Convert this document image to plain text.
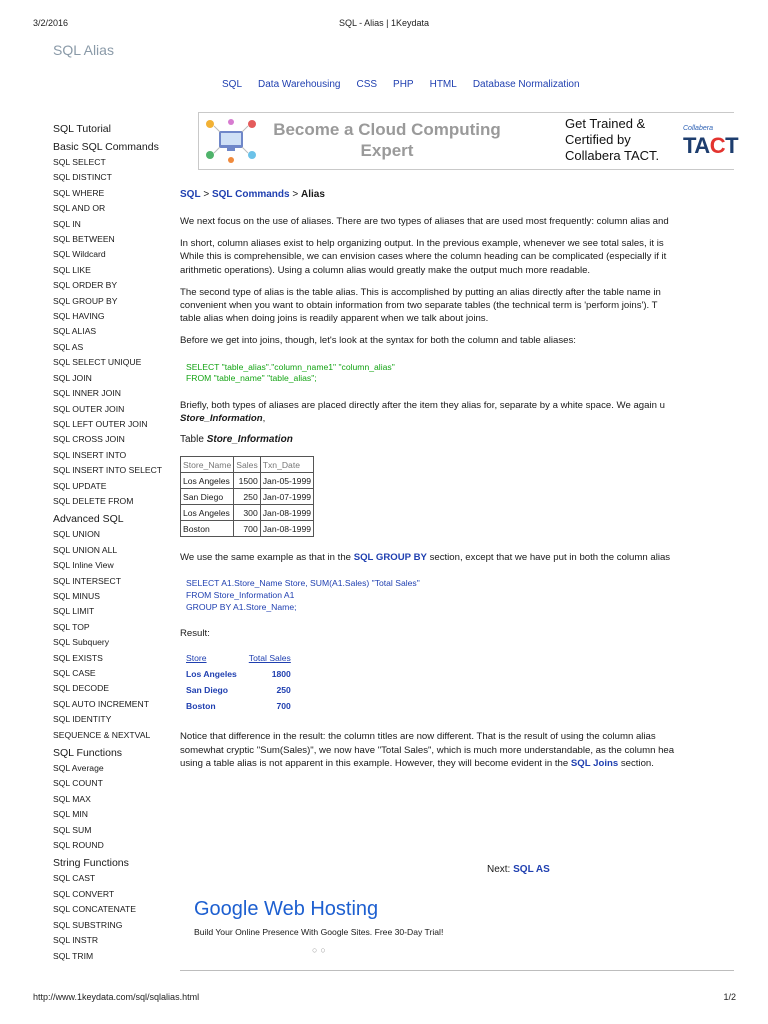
3/2/2016	SQL - Alias | 1Keydata
http://www.1keydata.com/sql/sqlalias.html	1/2
SQL Alias
SQL Data Warehousing CSS PHP HTML Database Normalization
SQL Tutorial
Basic SQL Commands
SQL SELECT
SQL DISTINCT
SQL WHERE
SQL AND OR
SQL IN
SQL BETWEEN
SQL Wildcard
SQL LIKE
SQL ORDER BY
SQL GROUP BY
SQL HAVING
SQL ALIAS
SQL AS
SQL SELECT UNIQUE
SQL JOIN
SQL INNER JOIN
SQL OUTER JOIN
SQL LEFT OUTER JOIN
SQL CROSS JOIN
SQL INSERT INTO
SQL INSERT INTO SELECT
SQL UPDATE
SQL DELETE FROM
Advanced SQL
SQL UNION
SQL UNION ALL
SQL Inline View
SQL INTERSECT
SQL MINUS
SQL LIMIT
SQL TOP
SQL Subquery
SQL EXISTS
SQL CASE
SQL DECODE
SQL AUTO INCREMENT
SQL IDENTITY
SEQUENCE & NEXTVAL
SQL Functions
SQL Average
SQL COUNT
SQL MAX
SQL MIN
SQL SUM
SQL ROUND
String Functions
SQL CAST
SQL CONVERT
SQL CONCATENATE
SQL SUBSTRING
SQL INSTR
SQL TRIM
Become a Cloud Computing Expert
Get Trained & Certified by Collabera TACT.
Collabera
TACT
SQL > SQL Commands > Alias
We next focus on the use of aliases. There are two types of aliases that are used most frequently: column alias and
In short, column aliases exist to help organizing output. In the previous example, whenever we see total sales, it is
While this is comprehensible, we can envision cases where the column heading can be complicated (especially if it
arithmetic operations). Using a column alias would greatly make the output much more readable.
The second type of alias is the table alias. This is accomplished by putting an alias directly after the table name in
convenient when you want to obtain information from two separate tables (the technical term is 'perform joins'). T
table alias when doing joins is readily apparent when we talk about joins.
Before we get into joins, though, let's look at the syntax for both the column and table aliases:
SELECT "table_alias"."column_name1" "column_alias"
FROM "table_name" "table_alias";
Briefly, both types of aliases are placed directly after the item they alias for, separate by a white space. We again u
Store_Information,
Table Store_Information
Store_Name	Sales	Txn_Date
Los Angeles	1500	Jan-05-1999
San Diego	250	Jan-07-1999
Los Angeles	300	Jan-08-1999
Boston	700	Jan-08-1999
We use the same example as that in the SQL GROUP BY section, except that we have put in both the column alias
SELECT A1.Store_Name Store, SUM(A1.Sales) "Total Sales"
FROM Store_Information A1
GROUP BY A1.Store_Name;
Result:
Store	Total Sales
Los Angeles	1800
San Diego	250
Boston	700
Notice that difference in the result: the column titles are now different. That is the result of using the column alias
somewhat cryptic "Sum(Sales)", we now have "Total Sales", which is much more understandable, as the column hea
using a table alias is not apparent in this example. However, they will become evident in the SQL Joins section.
Next: SQL AS
Google Web Hosting
Build Your Online Presence With Google Sites. Free 30-Day Trial!
○○
